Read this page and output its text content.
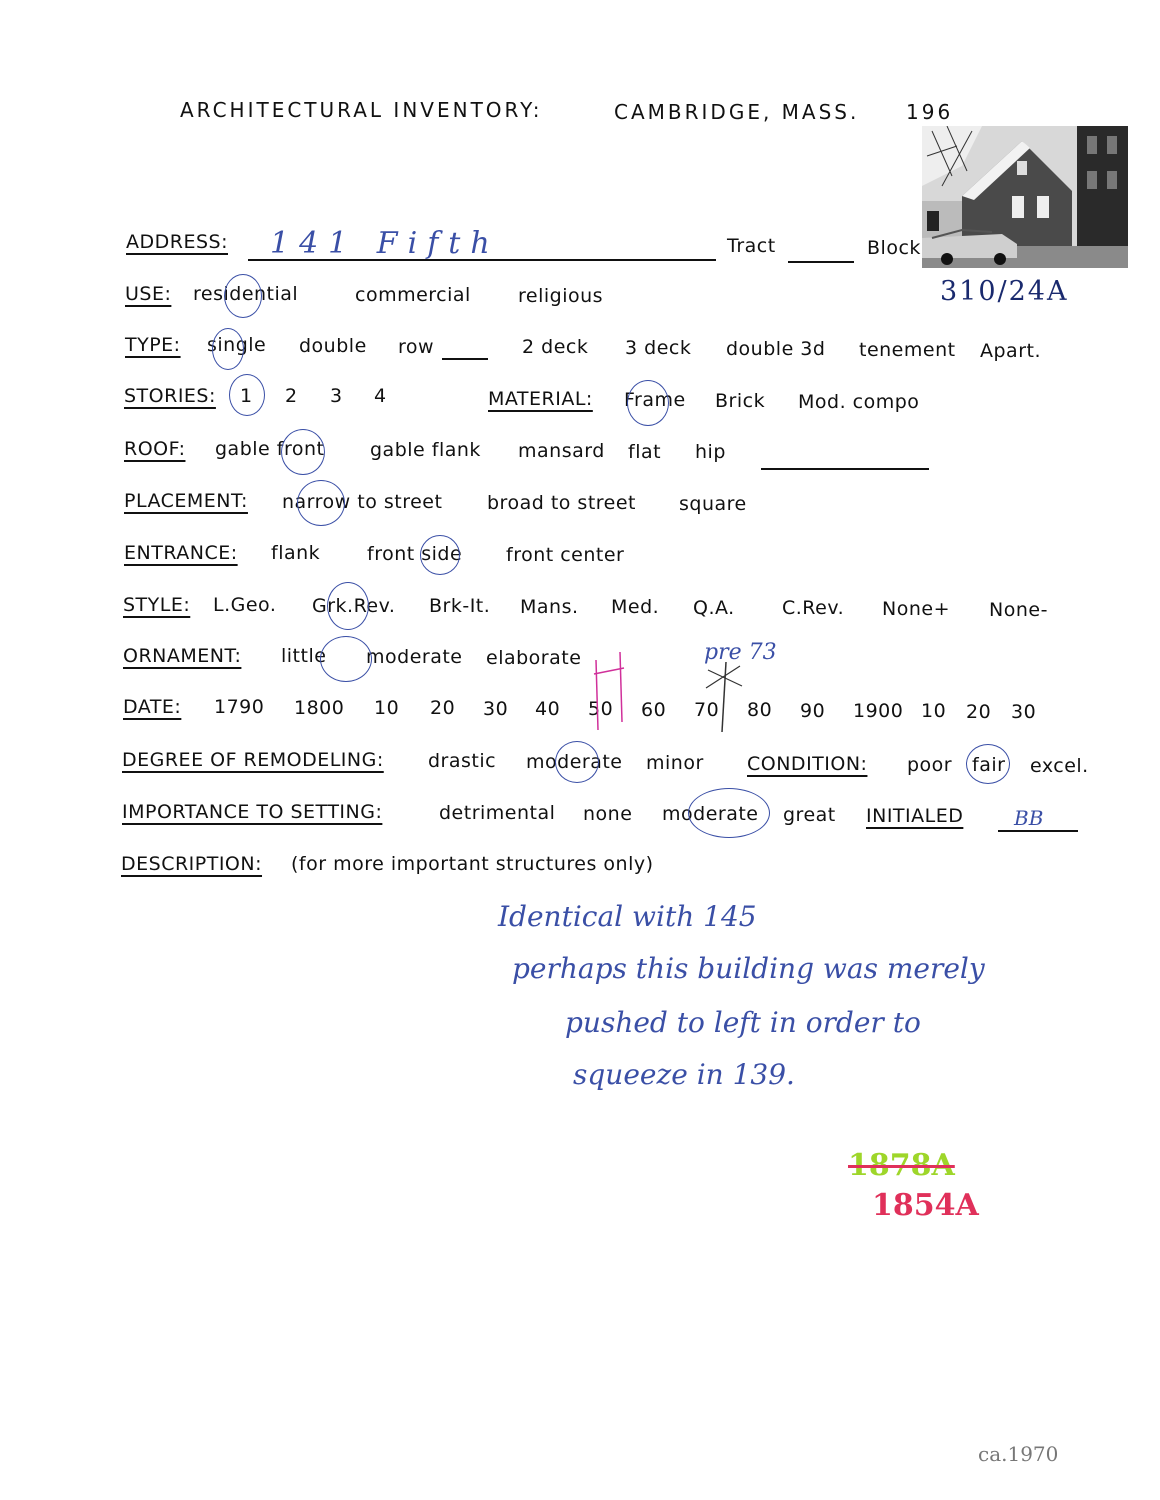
ARCHITECTURAL INVENTORY:	CAMBRIDGE, MASS. 196
ADDRESS: 141 Fifth	Tract	Block
310/24A
USE: residential	commercial religious
TYPE: single double row	2 deck 3 deck double 3d tenement Apart.
STORIES: 1 2 3 4	MATERIAL: Frame Brick Mod. compo
ROOF: gable front gable flank mansard flat hip
PLACEMENT: narrow to street broad to street square
ENTRANCE: flank front side front center
STYLE: L.Geo. Grk.Rev. Brk-It. Mans. Med. Q.A. C.Rev. None+ None-
ORNAMENT: little moderate elaborate
DATE: 1790 1800 10 20 30 40 50 60 70 80 90 1900 10 20 30
pre 73
DEGREE OF REMODELING: drastic moderate minor CONDITION: poor fair excel.
IMPORTANCE TO SETTING:	detrimental none moderate great INITIALED	BB
DESCRIPTION: (for more important structures only)
Identical with 145
perhaps this building was merely
pushed to left in order to
squeeze in 139.
1878A
1854A
ca.1970
